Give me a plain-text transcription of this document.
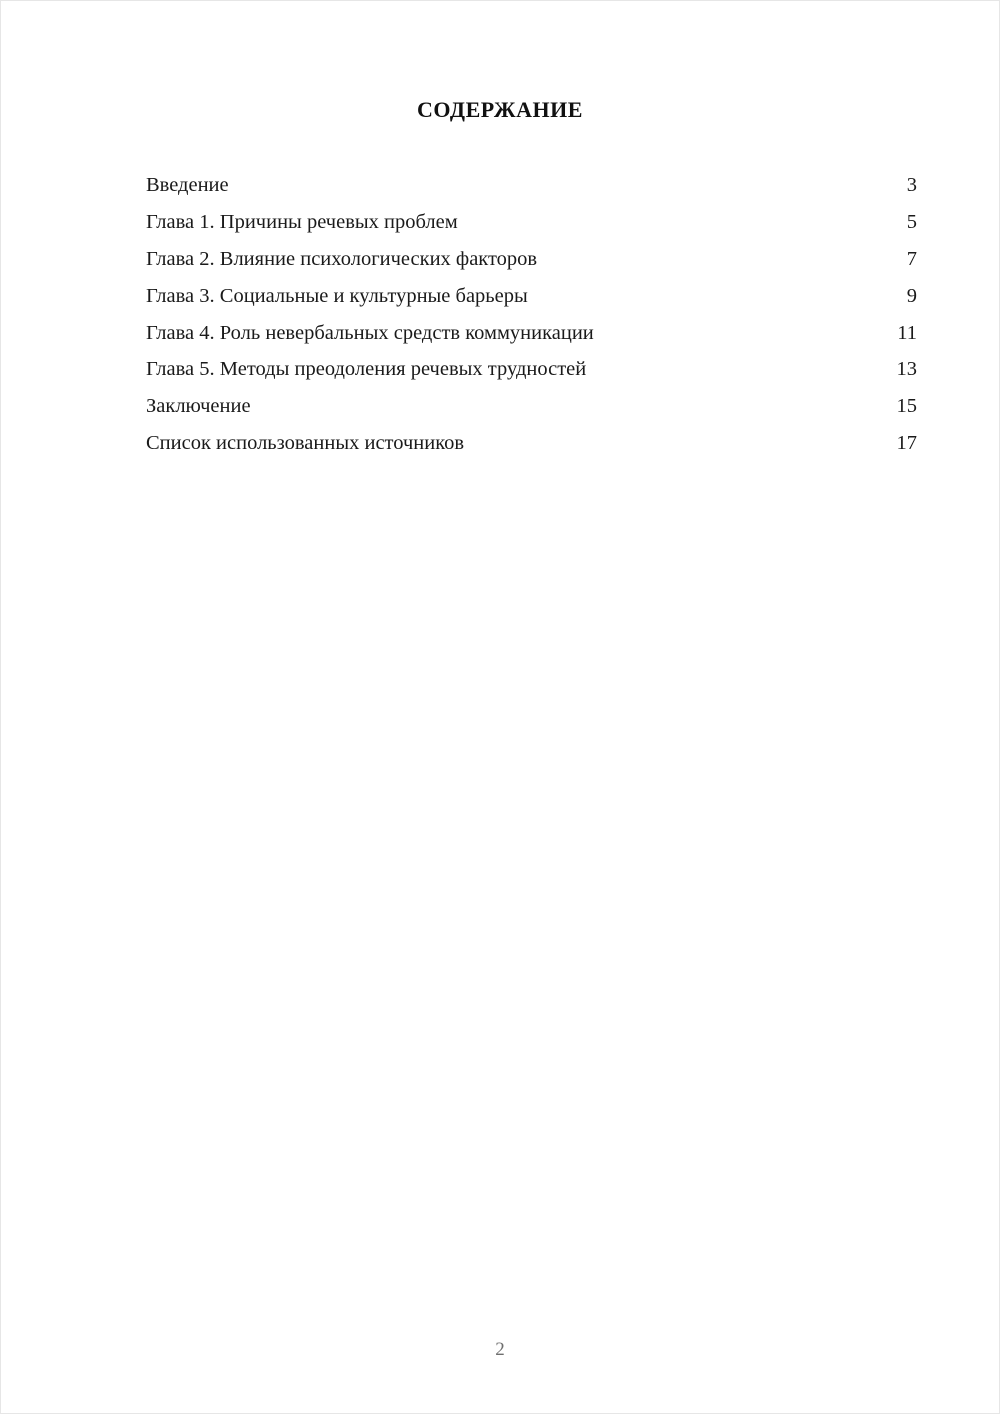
СОДЕРЖАНИЕ
Введение	3
Глава 1. Причины речевых проблем	5
Глава 2. Влияние психологических факторов	7
Глава 3. Социальные и культурные барьеры	9
Глава 4. Роль невербальных средств коммуникации	11
Глава 5. Методы преодоления речевых трудностей	13
Заключение	15
Список использованных источников	17
2
